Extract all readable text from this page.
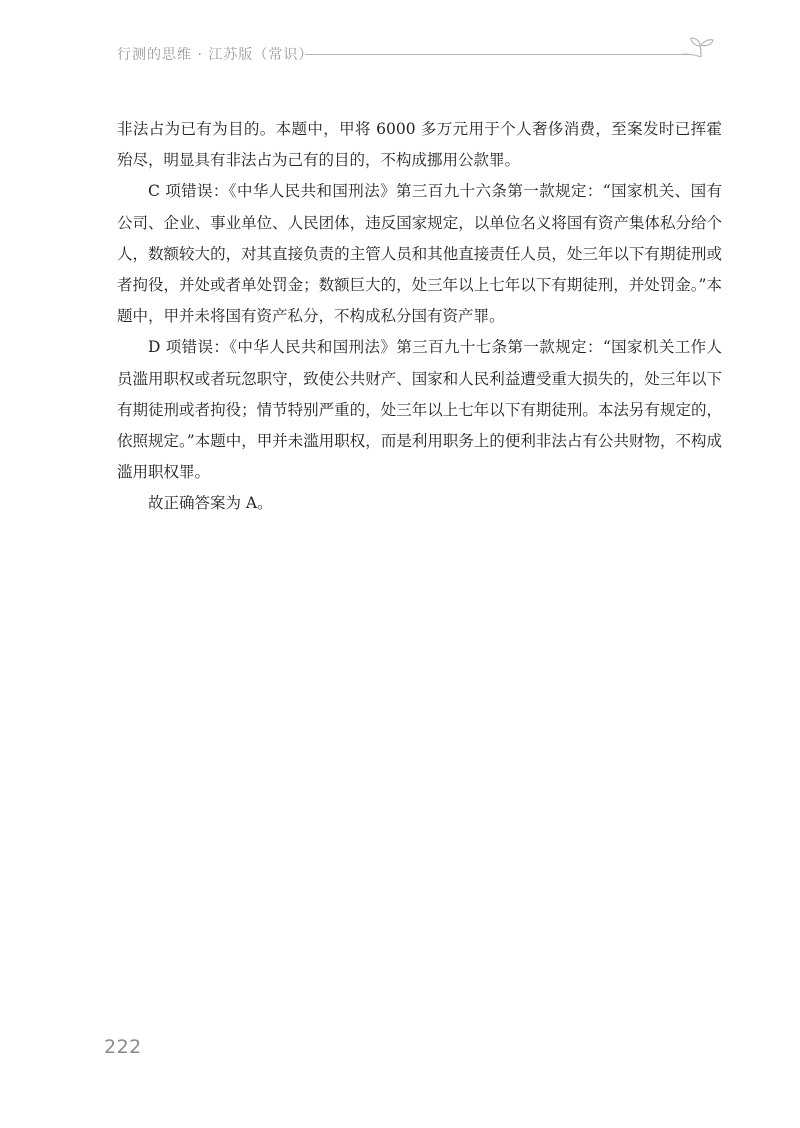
行测的思维 · 江苏版（常识）

非法占为已有为目的。本题中，甲将 6000 多万元用于个人奢侈消费，至案发时已挥霍殆尽，明显具有非法占为己有的目的，不构成挪用公款罪。

C 项错误：《中华人民共和国刑法》第三百九十六条第一款规定：“国家机关、国有公司、企业、事业单位、人民团体，违反国家规定，以单位名义将国有资产集体私分给个人，数额较大的，对其直接负责的主管人员和其他直接责任人员，处三年以下有期徒刑或者拘役，并处或者单处罚金；数额巨大的，处三年以上七年以下有期徒刑，并处罚金。”本题中，甲并未将国有资产私分，不构成私分国有资产罪。

D 项错误：《中华人民共和国刑法》第三百九十七条第一款规定：“国家机关工作人员滥用职权或者玩忽职守，致使公共财产、国家和人民利益遭受重大损失的，处三年以下有期徒刑或者拘役；情节特别严重的，处三年以上七年以下有期徒刑。本法另有规定的，依照规定。”本题中，甲并未滥用职权，而是利用职务上的便利非法占有公共财物，不构成滥用职权罪。

故正确答案为 A。

222
